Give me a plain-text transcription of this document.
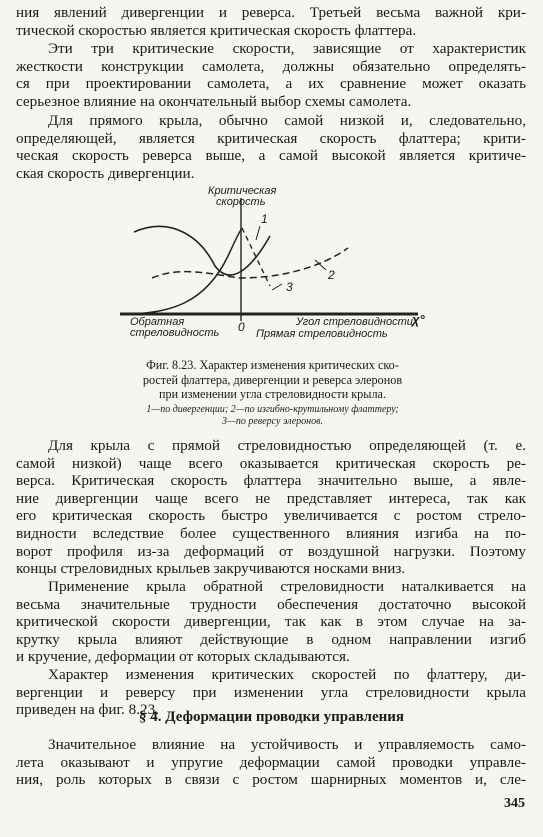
ния явлений дивергенции и реверса. Третьей весьма важной кри-
тической скоростью является критическая скорость флаттера.
Эти три критические скорости, зависящие от характеристик
жесткости конструкции самолета, должны обязательно определять-
ся при проектировании самолета, а их сравнение может оказать
серьезное влияние на окончательный выбор схемы самолета.
Для прямого крыла, обычно самой низкой и, следовательно,
определяющей, является критическая скорость флаттера; крити-
ческая скорость реверса выше, а самой высокой является критиче-
ская скорость дивергенции.
Критическая
скорость
1
2
3
Обратная
стреловидность 0	Угол стреловидности χ°
Прямая стреловидность
Фиг. 8.23. Характер изменения критических ско-
ростей флаттера, дивергенции и реверса элеронов
при изменении угла стреловидности крыла.
1—по дивергенции; 2—по изгибно-крутильному флаттеру;
3—по реверсу элеронов.
Для крыла с прямой стреловидностью определяющей (т. е.
самой низкой) чаще всего оказывается критическая скорость ре-
верса. Критическая скорость флаттера значительно выше, а явле-
ние дивергенции чаще всего не представляет интереса, так как
его критическая скорость быстро увеличивается с ростом стрело-
видности вследствие более существенного влияния изгиба на по-
ворот профиля из-за деформаций от воздушной нагрузки. Поэтому
концы стреловидных крыльев закручиваются носками вниз.
Применение крыла обратной стреловидности наталкивается на
весьма значительные трудности обеспечения достаточно высокой
критической скорости дивергенции, так как в этом случае на за-
крутку крыла влияют действующие в одном направлении изгиб
и кручение, деформации от которых складываются.
Характер изменения критических скоростей по флаттеру, ди-
вергенции и реверсу при изменении угла стреловидности крыла
приведен на фиг. 8.23.
§ 4. Деформации проводки управления
Значительное влияние на устойчивость и управляемость само-
лета оказывают и упругие деформации самой проводки управле-
ния, роль которых в связи с ростом шарнирных моментов и, сле-
345
